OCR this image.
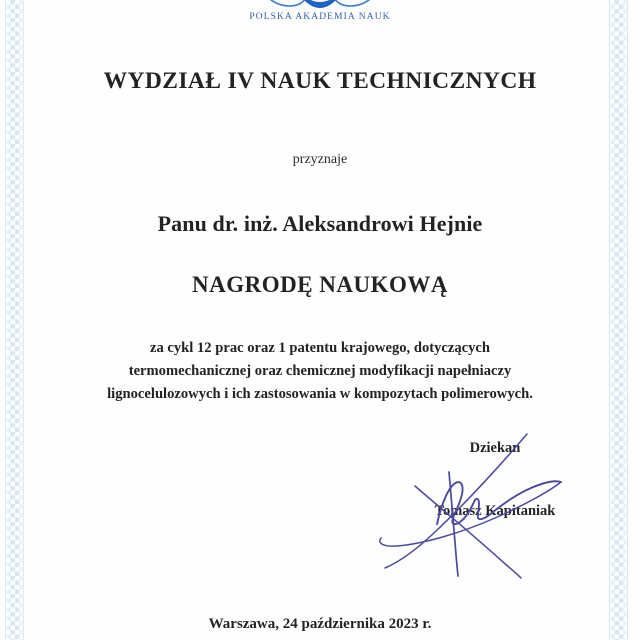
POLSKA AKADEMIA NAUK
WYDZIAŁ IV NAUK TECHNICZNYCH
przyznaje
Panu dr. inż. Aleksandrowi Hejnie
NAGRODĘ NAUKOWĄ
za cykl 12 prac oraz 1 patentu krajowego, dotyczących
termomechanicznej oraz chemicznej modyfikacji napełniaczy
lignocelulozowych i ich zastosowania w kompozytach polimerowych.
Dziekan
Tomasz Kapitaniak
Warszawa, 24 października 2023 r.
